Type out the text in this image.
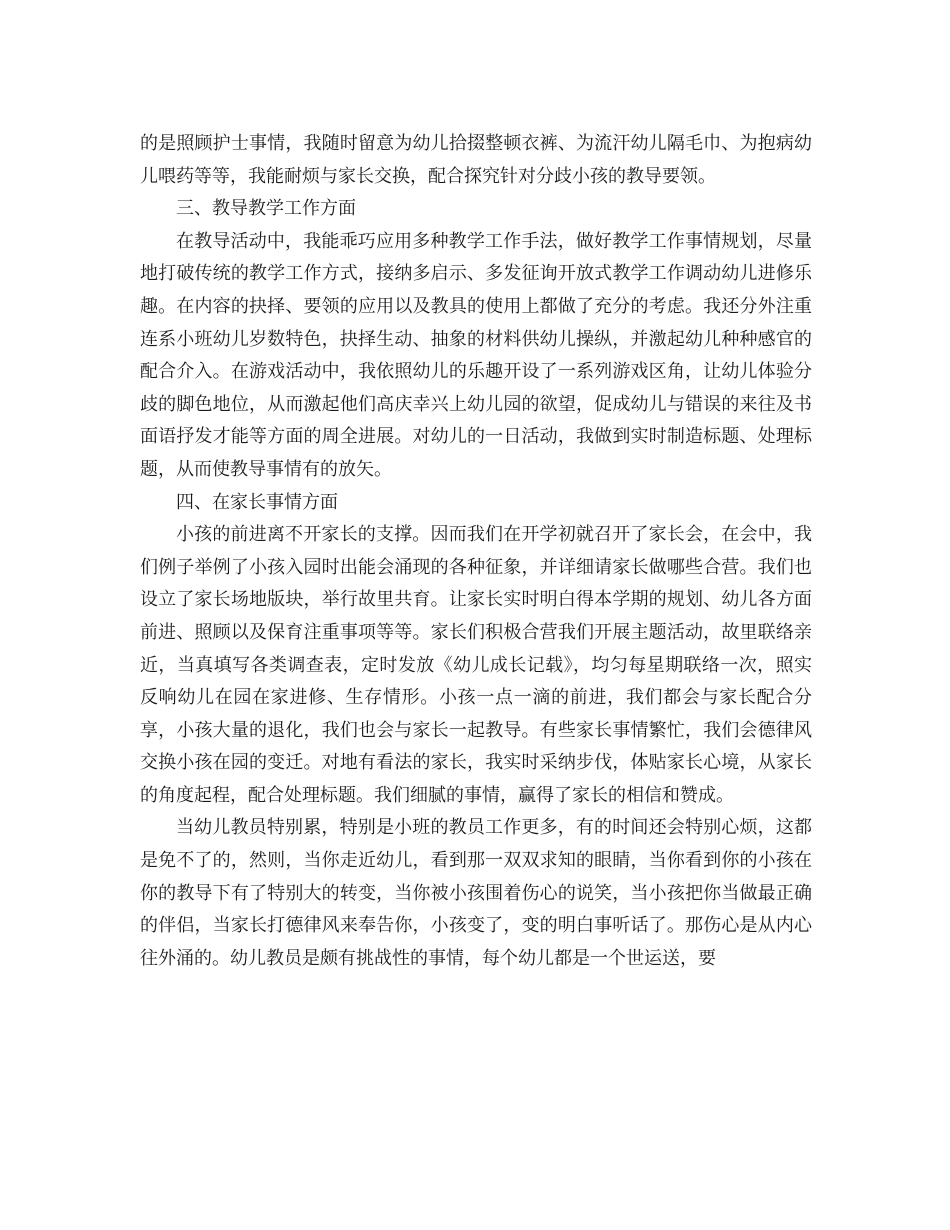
的是照顾护士事情，我随时留意为幼儿拾掇整顿衣裤、为流汗幼儿隔毛巾、为抱病幼儿喂药等等，我能耐烦与家长交换，配合探究针对分歧小孩的教导要领。

三、教导教学工作方面

在教导活动中，我能乖巧应用多种教学工作手法，做好教学工作事情规划，尽量地打破传统的教学工作方式，接纳多启示、多发征询开放式教学工作调动幼儿进修乐趣。在内容的抉择、要领的应用以及教具的使用上都做了充分的考虑。我还分外注重连系小班幼儿岁数特色，抉择生动、抽象的材料供幼儿操纵，并激起幼儿种种感官的配合介入。在游戏活动中，我依照幼儿的乐趣开设了一系列游戏区角，让幼儿体验分歧的脚色地位，从而激起他们高庆幸兴上幼儿园的欲望，促成幼儿与错误的来往及书面语抒发才能等方面的周全进展。对幼儿的一日活动，我做到实时制造标题、处理标题，从而使教导事情有的放矢。

四、在家长事情方面

小孩的前进离不开家长的支撑。因而我们在开学初就召开了家长会，在会中，我们例子举例了小孩入园时出能会涌现的各种征象，并详细请家长做哪些合营。我们也设立了家长场地版块，举行故里共育。让家长实时明白得本学期的规划、幼儿各方面前进、照顾以及保育注重事项等等。家长们积极合营我们开展主题活动，故里联络亲近，当真填写各类调查表，定时发放《幼儿成长记载》，均匀每星期联络一次，照实反响幼儿在园在家进修、生存情形。小孩一点一滴的前进，我们都会与家长配合分享，小孩大量的退化，我们也会与家长一起教导。有些家长事情繁忙，我们会德律风交换小孩在园的变迁。对地有看法的家长，我实时采纳步伐，体贴家长心境，从家长的角度起程，配合处理标题。我们细腻的事情，赢得了家长的相信和赞成。

当幼儿教员特别累，特别是小班的教员工作更多，有的时间还会特别心烦，这都是免不了的，然则，当你走近幼儿，看到那一双双求知的眼睛，当你看到你的小孩在你的教导下有了特别大的转变，当你被小孩围着伤心的说笑，当小孩把你当做最正确的伴侣，当家长打德律风来奉告你，小孩变了，变的明白事听话了。那伤心是从内心往外涌的。幼儿教员是颇有挑战性的事情，每个幼儿都是一个世运送，要
